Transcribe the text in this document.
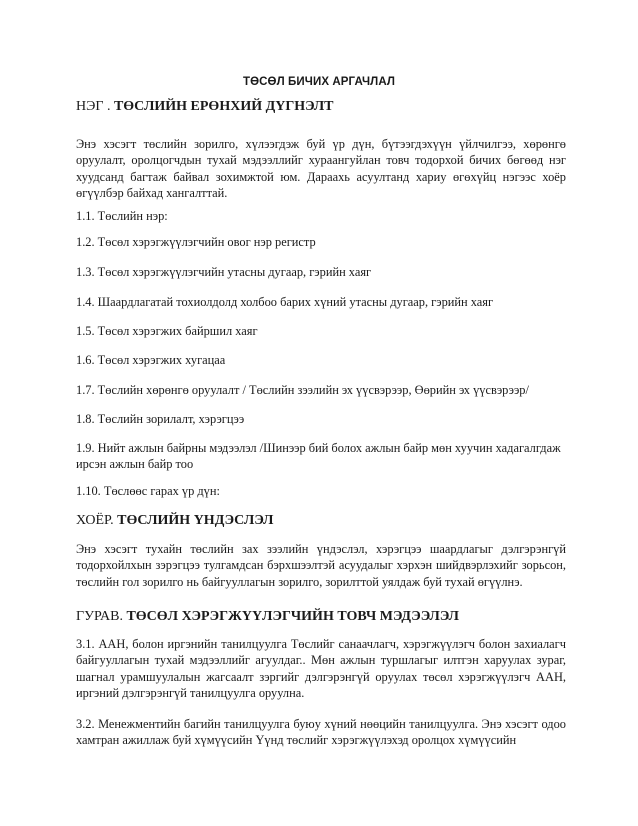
ТӨСӨЛ БИЧИХ АРГАЧЛАЛ
НЭГ . ТӨСЛИЙН ЕРӨНХИЙ ДҮГНЭЛТ
Энэ хэсэгт төслийн зорилго, хүлээгдэж буй үр дүн, бүтээгдэхүүн үйлчилгээ, хөрөнгө оруулалт, оролцогчдын тухай мэдээллийг хураангуйлан товч тодорхой бичих бөгөөд нэг хуудсанд багтаж байвал зохимжтой юм. Дараахь асуултанд хариу өгөхүйц нэгээс хоёр өгүүлбэр байхад хангалттай.
1.1. Төслийн нэр:
1.2. Төсөл хэрэгжүүлэгчийн овог нэр регистр
1.3. Төсөл хэрэгжүүлэгчийн утасны дугаар, гэрийн хаяг
1.4. Шаардлагатай тохиолдолд холбоо барих хүний утасны дугаар, гэрийн хаяг
1.5. Төсөл хэрэгжих байршил хаяг
1.6. Төсөл хэрэгжих хугацаа
1.7. Төслийн хөрөнгө оруулалт / Төслийн зээлийн эх үүсвэрээр, Өөрийн эх үүсвэрээр/
1.8. Төслийн зорилалт, хэрэгцээ
1.9. Нийт ажлын байрны мэдээлэл /Шинээр бий болох ажлын байр мөн хуучин хадагалгдаж ирсэн ажлын байр тоо
1.10. Төслөөс гарах үр дүн:
ХОЁР. ТӨСЛИЙН ҮНДЭСЛЭЛ
Энэ хэсэгт тухайн төслийн зах зээлийн үндэслэл, хэрэгцээ шаардлагыг дэлгэрэнгүй тодорхойлхын зэрэгцээ тулгамдсан бэрхшээлтэй асуудалыг хэрхэн шийдвэрлэхийг зорьсон, төслийн гол зорилго нь байгууллагын зорилго, зорилттой уялдаж буй тухай өгүүлнэ.
ГУРАВ. ТӨСӨЛ ХЭРЭГЖҮҮЛЭГЧИЙН ТОВЧ МЭДЭЭЛЭЛ
3.1. ААН, болон иргэнийн танилцуулга Төслийг санаачлагч, хэрэгжүүлэгч болон захиалагч байгууллагын тухай мэдээллийг агуулдаг.. Мөн ажлын туршлагыг илтгэн харуулах зураг, шагнал урамшуулалын жагсаалт зэргийг дэлгэрэнгүй оруулах төсөл хэрэгжүүлэгч ААН, иргэний дэлгэрэнгүй танилцуулга оруулна.
3.2. Менежментийн багийн танилцуулга буюу хүний нөөцийн танилцуулга. Энэ хэсэгт одоо хамтран ажиллаж буй хүмүүсийн Үүнд төслийг хэрэгжүүлэхэд оролцох хүмүүсийн
